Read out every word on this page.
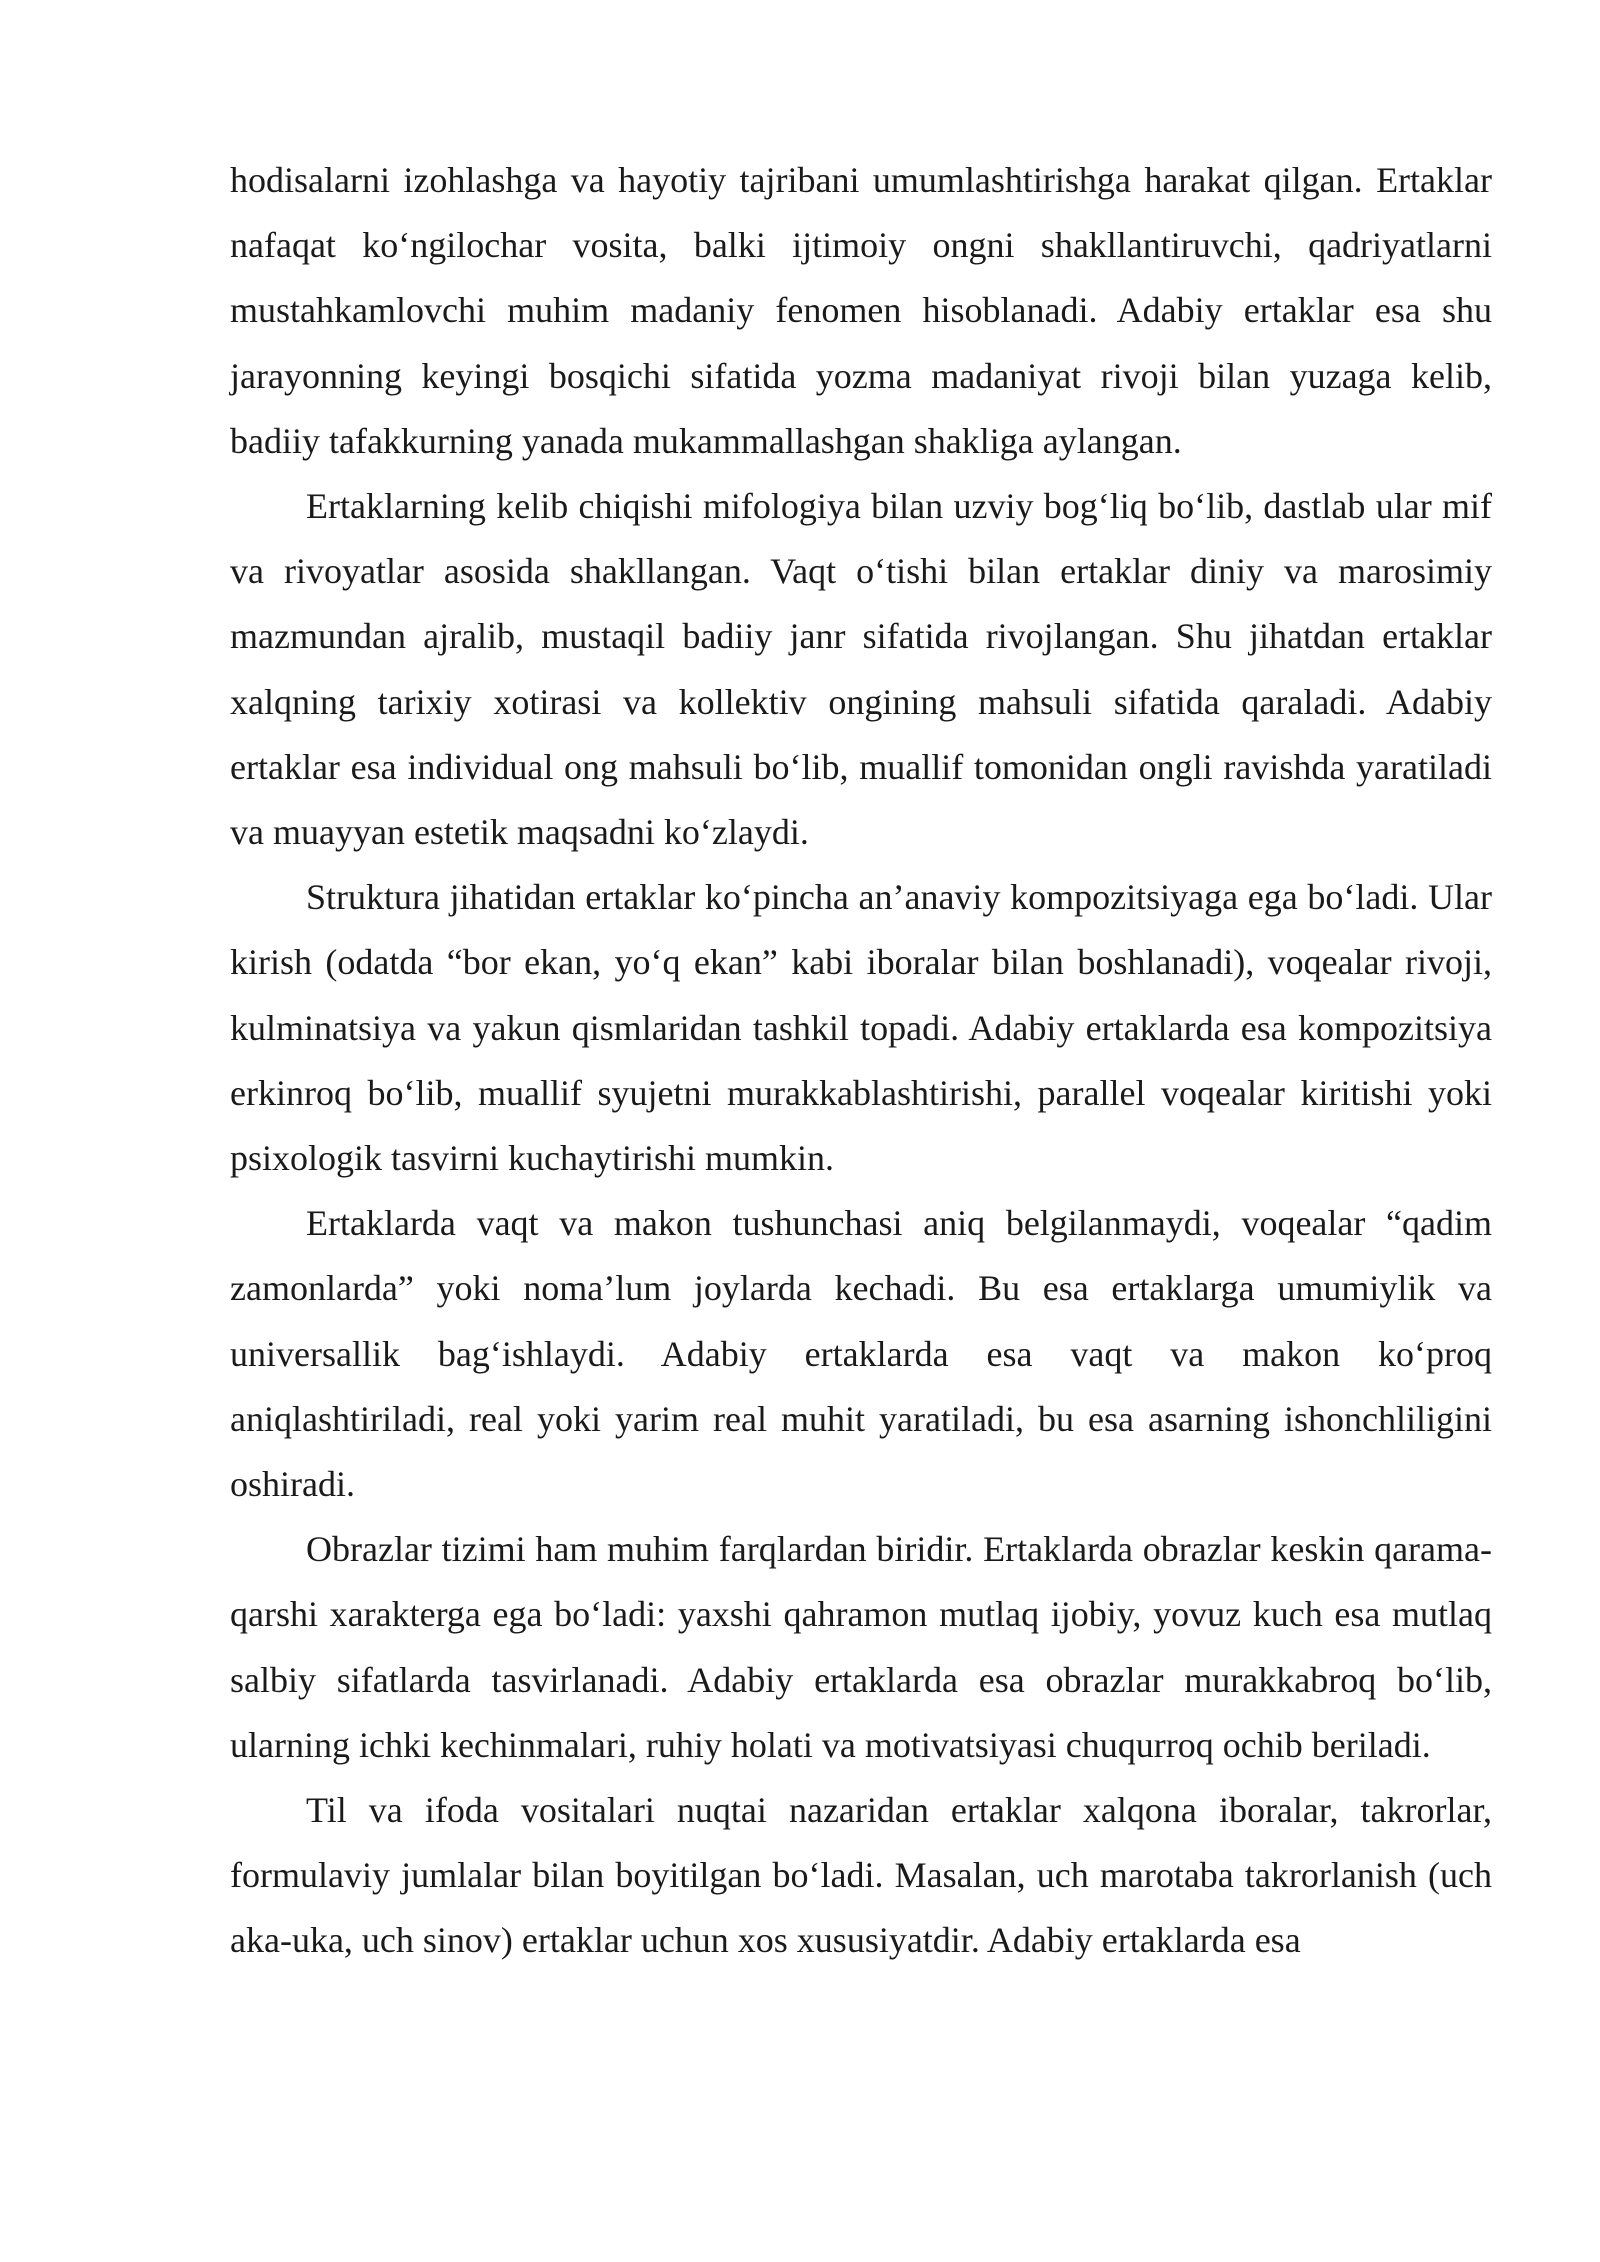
hodisalarni izohlashga va hayotiy tajribani umumlashtirishga harakat qilgan. Ertaklar nafaqat ko‘ngilochar vosita, balki ijtimoiy ongni shakllantiruvchi, qadriyatlarni mustahkamlovchi muhim madaniy fenomen hisoblanadi. Adabiy ertaklar esa shu jarayonning keyingi bosqichi sifatida yozma madaniyat rivoji bilan yuzaga kelib, badiiy tafakkurning yanada mukammallashgan shakliga aylangan.

Ertaklarning kelib chiqishi mifologiya bilan uzviy bog‘liq bo‘lib, dastlab ular mif va rivoyatlar asosida shakllangan. Vaqt o‘tishi bilan ertaklar diniy va marosimiy mazmundan ajralib, mustaqil badiiy janr sifatida rivojlangan. Shu jihatdan ertaklar xalqning tarixiy xotirasi va kollektiv ongining mahsuli sifatida qaraladi. Adabiy ertaklar esa individual ong mahsuli bo‘lib, muallif tomonidan ongli ravishda yaratiladi va muayyan estetik maqsadni ko‘zlaydi.

Struktura jihatidan ertaklar ko‘pincha an’anaviy kompozitsiyaga ega bo‘ladi. Ular kirish (odatda “bor ekan, yo‘q ekan” kabi iboralar bilan boshlanadi), voqealar rivoji, kulminatsiya va yakun qismlaridan tashkil topadi. Adabiy ertaklarda esa kompozitsiya erkinroq bo‘lib, muallif syujetni murakkablashtirishi, parallel voqealar kiritishi yoki psixologik tasvirni kuchaytirishi mumkin.

Ertaklarda vaqt va makon tushunchasi aniq belgilanmaydi, voqealar “qadim zamonlarda” yoki noma’lum joylarda kechadi. Bu esa ertaklarga umumiylik va universallik bag‘ishlaydi. Adabiy ertaklarda esa vaqt va makon ko‘proq aniqlashtiriladi, real yoki yarim real muhit yaratiladi, bu esa asarning ishonchliligini oshiradi.

Obrazlar tizimi ham muhim farqlardan biridir. Ertaklarda obrazlar keskin qarama-qarshi xarakterga ega bo‘ladi: yaxshi qahramon mutlaq ijobiy, yovuz kuch esa mutlaq salbiy sifatlarda tasvirlanadi. Adabiy ertaklarda esa obrazlar murakkabroq bo‘lib, ularning ichki kechinmalari, ruhiy holati va motivatsiyasi chuqurroq ochib beriladi.

Til va ifoda vositalari nuqtai nazaridan ertaklar xalqona iboralar, takrorlar, formulaviy jumlalar bilan boyitilgan bo‘ladi. Masalan, uch marotaba takrorlanish (uch aka-uka, uch sinov) ertaklar uchun xos xususiyatdir. Adabiy ertaklarda esa
